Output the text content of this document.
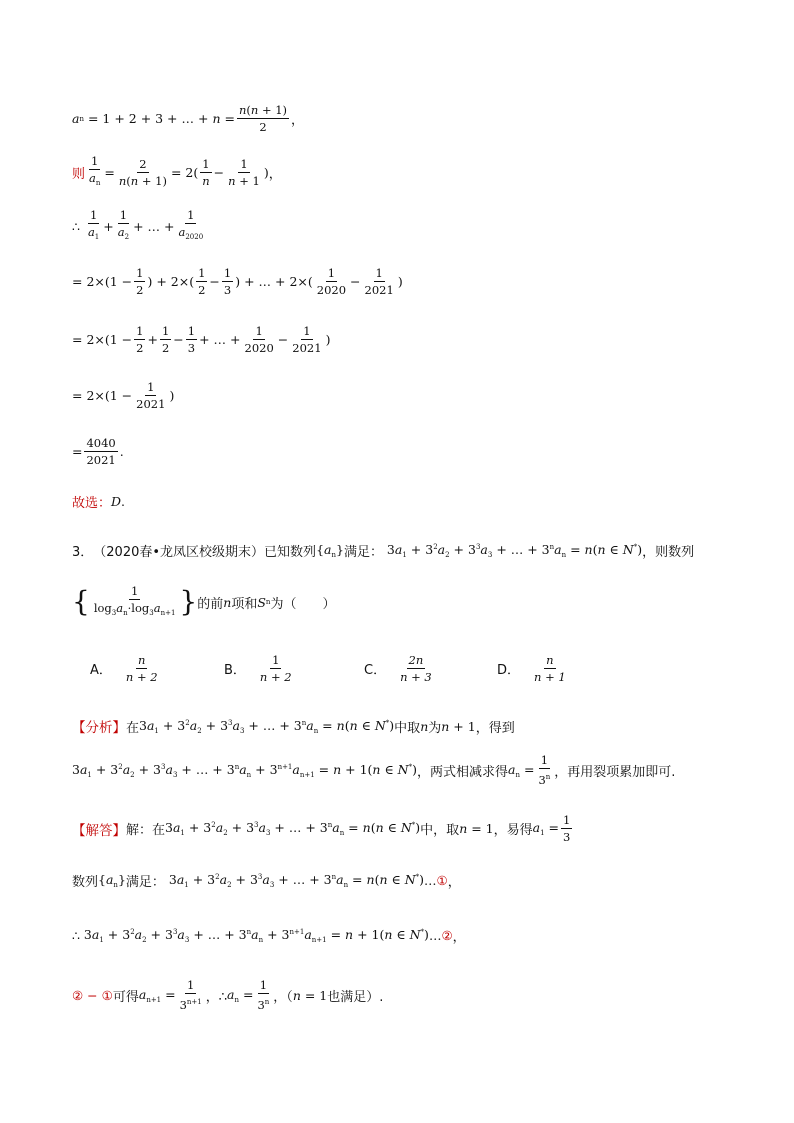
a n = 1 + 2 + 3 + … + $n = \frac{n(n + 1)}{2}$ ，
则 $\frac{1}{a_n} = \frac{2}{n(n + 1)} = 2( \frac{1}{n} - \frac{1}{n + 1}$ ) ，
∴
$\frac{1}{a_1} + \frac{1}{a_2}$ + … + $\frac{1}{a_{2020}}$
= $2\times(1 - \frac{1}{2}$ ) + $2\times( \frac{1}{2} - \frac{1}{3}$ ) + … + $2\times( \frac{1}{2020} - \frac{1}{2021}$ )
= $2\times(1 - \frac{1}{2} + \frac{1}{2} - \frac{1}{3}$ + … + $\frac{1}{2020} - \frac{1}{2021}$ )
= $2\times(1 - \frac{1}{2021}$ )
= $\frac{4040}{2021}$ .
故选： D .
3． （2020春•龙凤区校级期末） 已知数列 $\{a_n\}$ 满足： $3a_1 + 3^2a_2 + 3^3a_3$ + … + $3^na_n = n(n$ ∈ N*) ，则数列
{ $\frac{1}{\log_3a_n\cdot\log_3a_{n+1}}$ } 的前 n 项和 S n 为（　　）
A． $\frac{n}{n + 2}$	B． $\frac{1}{n + 2}$	C． $\frac{2n}{n + 3}$	D． $\frac{n}{n + 1}$
【分析】 在 $3a_1 + 3^2a_2 + 3^3a_3$ + … + $3^na_n = n(n$ ∈ N*) 中取 n 为 n + 1 ，得到
$3a_1 + 3^2a_2 + 3^3a_3$ + … + $3^na_n + 3^{n+1}a_{n+1} = n + 1(n$ ∈ N*) ，两式相减求得 $a_n = \frac{1}{3^n}$ ，再用裂项累加即可.
【解答】 解：在 $3a_1 + 3^2a_2 + 3^3a_3$ + … + $3^na_n = n(n$ ∈ N*) 中，取 n = 1 ，易得 $a_1 = \frac{1}{3}$
数列 $\{a_n\}$ 满足： $3a_1 + 3^2a_2 + 3^3a_3$ + … + $3^na_n = n(n$ ∈ N*) … ① ，
∴ $3a_1 + 3^2a_2 + 3^3a_3$ + … + $3^na_n + 3^{n+1}a_{n+1} = n + 1(n$ ∈ N*) … ② ，
② − ① 可得 $a_{n+1} = \frac{1}{3^{n+1}}$ ，∴ $a_n = \frac{1}{3^n}$ ，（ n = 1 也满足）.
